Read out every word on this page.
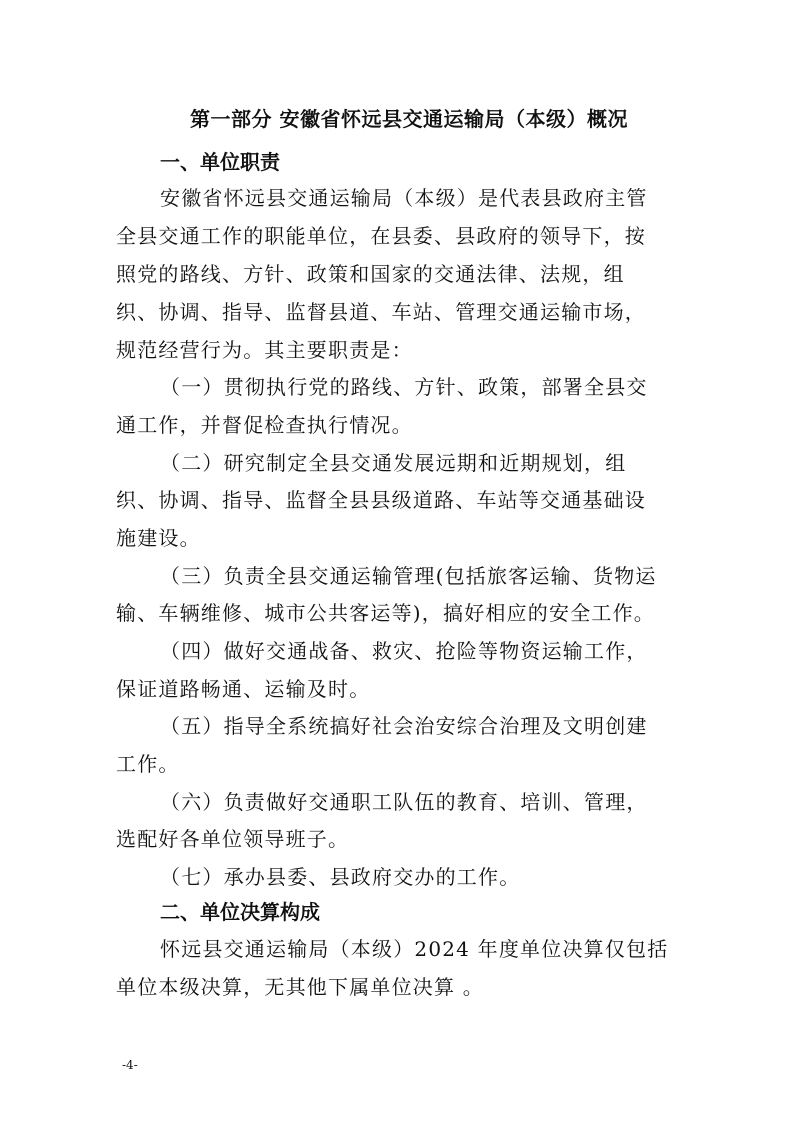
第一部分 安徽省怀远县交通运输局（本级）概况
一、单位职责
安徽省怀远县交通运输局（本级）是代表县政府主管
全县交通工作的职能单位，在县委、县政府的领导下，按
照党的路线、方针、政策和国家的交通法律、法规，组
织、协调、指导、监督县道、车站、管理交通运输市场，
规范经营行为。其主要职责是：
（一）贯彻执行党的路线、方针、政策，部署全县交
通工作，并督促检查执行情况。
（二）研究制定全县交通发展远期和近期规划，组
织、协调、指导、监督全县县级道路、车站等交通基础设
施建设。
（三）负责全县交通运输管理(包括旅客运输、货物运
输、车辆维修、城市公共客运等)，搞好相应的安全工作。
（四）做好交通战备、救灾、抢险等物资运输工作，
保证道路畅通、运输及时。
（五）指导全系统搞好社会治安综合治理及文明创建
工作。
（六）负责做好交通职工队伍的教育、培训、管理，
选配好各单位领导班子。
（七）承办县委、县政府交办的工作。
二、单位决算构成
怀远县交通运输局（本级）2024 年度单位决算仅包括
单位本级决算，无其他下属单位决算 。
-4-
